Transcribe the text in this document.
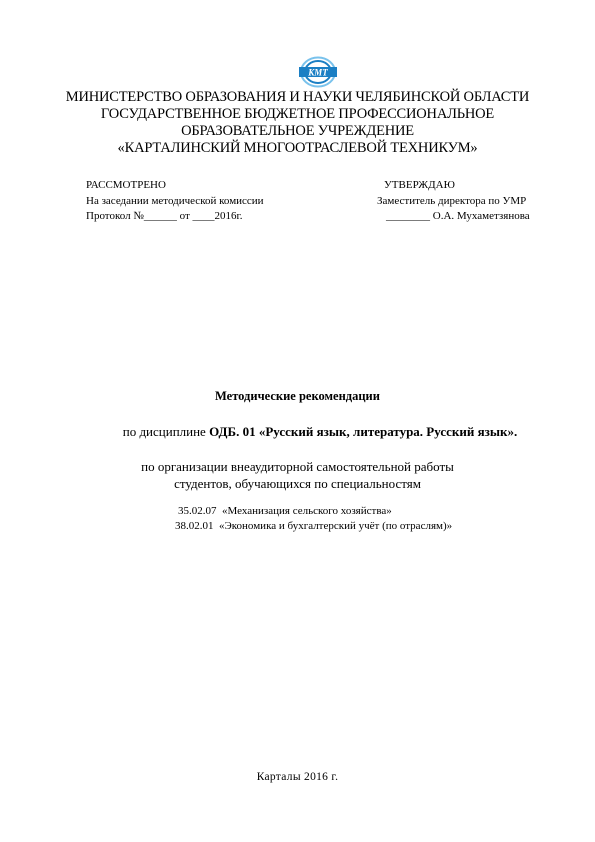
КМТ
МИНИСТЕРСТВО ОБРАЗОВАНИЯ И НАУКИ ЧЕЛЯБИНСКОЙ ОБЛАСТИ
ГОСУДАРСТВЕННОЕ БЮДЖЕТНОЕ ПРОФЕССИОНАЛЬНОЕ
ОБРАЗОВАТЕЛЬНОЕ УЧРЕЖДЕНИЕ
«КАРТАЛИНСКИЙ МНОГООТРАСЛЕВОЙ ТЕХНИКУМ»
РАССМОТРЕНО
На заседании методической комиссии
Протокол №______ от ____2016г.
УТВЕРЖДАЮ
Заместитель директора по УМР
________ О.А. Мухаметзянова
Методические рекомендации
по дисциплине ОДБ. 01 «Русский язык, литература. Русский язык».
по организации внеаудиторной самостоятельной работы
студентов, обучающихся по специальностям
35.02.07 «Механизация сельского хозяйства»
38.02.01 «Экономика и бухгалтерский учёт (по отраслям)»
Карталы 2016 г.
